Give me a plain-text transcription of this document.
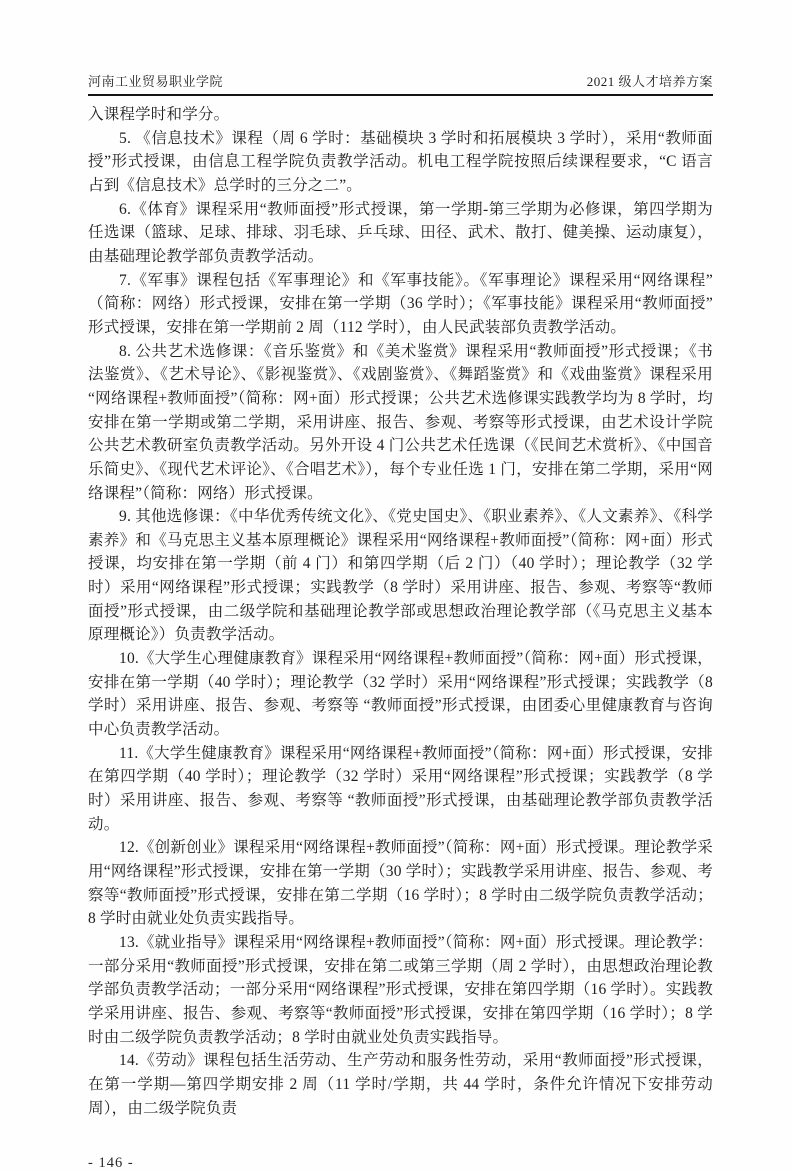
河南工业贸易职业学院	2021 级人才培养方案

入课程学时和学分。

5. 《信息技术》课程（周 6 学时：基础模块 3 学时和拓展模块 3 学时），采用“教师面授”形式授课，由信息工程学院负责教学活动。机电工程学院按照后续课程要求，“C 语言占到《信息技术》总学时的三分之二”。

6.《体育》课程采用“教师面授”形式授课，第一学期-第三学期为必修课，第四学期为任选课（篮球、足球、排球、羽毛球、乒乓球、田径、武术、散打、健美操、运动康复），由基础理论教学部负责教学活动。

7.《军事》课程包括《军事理论》和《军事技能》。《军事理论》课程采用“网络课程”（简称：网络）形式授课，安排在第一学期（36 学时）；《军事技能》课程采用“教师面授”形式授课，安排在第一学期前 2 周（112 学时），由人民武装部负责教学活动。

8. 公共艺术选修课：《音乐鉴赏》和《美术鉴赏》课程采用“教师面授”形式授课；《书法鉴赏》、《艺术导论》、《影视鉴赏》、《戏剧鉴赏》、《舞蹈鉴赏》和《戏曲鉴赏》课程采用“网络课程+教师面授”（简称：网+面）形式授课；公共艺术选修课实践教学均为 8 学时，均安排在第一学期或第二学期，采用讲座、报告、参观、考察等形式授课，由艺术设计学院公共艺术教研室负责教学活动。另外开设 4 门公共艺术任选课（《民间艺术赏析》、《中国音乐简史》、《现代艺术评论》、《合唱艺术》），每个专业任选 1 门，安排在第二学期，采用“网络课程”（简称：网络）形式授课。

9. 其他选修课：《中华优秀传统文化》、《党史国史》、《职业素养》、《人文素养》、《科学素养》和《马克思主义基本原理概论》课程采用“网络课程+教师面授”（简称：网+面）形式授课，均安排在第一学期（前 4 门）和第四学期（后 2 门）（40 学时）；理论教学（32 学时）采用“网络课程”形式授课；实践教学（8 学时）采用讲座、报告、参观、考察等“教师面授”形式授课，由二级学院和基础理论教学部或思想政治理论教学部（《马克思主义基本原理概论》）负责教学活动。

10.《大学生心理健康教育》课程采用“网络课程+教师面授”（简称：网+面）形式授课，安排在第一学期（40 学时）；理论教学（32 学时）采用“网络课程”形式授课；实践教学（8 学时）采用讲座、报告、参观、考察等 “教师面授”形式授课，由团委心里健康教育与咨询中心负责教学活动。

11.《大学生健康教育》课程采用“网络课程+教师面授”（简称：网+面）形式授课，安排在第四学期（40 学时）；理论教学（32 学时）采用“网络课程”形式授课；实践教学（8 学时）采用讲座、报告、参观、考察等 “教师面授”形式授课，由基础理论教学部负责教学活动。

12.《创新创业》课程采用“网络课程+教师面授”（简称：网+面）形式授课。理论教学采用“网络课程”形式授课，安排在第一学期（30 学时）；实践教学采用讲座、报告、参观、考察等“教师面授”形式授课，安排在第二学期（16 学时）；8 学时由二级学院负责教学活动；8 学时由就业处负责实践指导。

13.《就业指导》课程采用“网络课程+教师面授”（简称：网+面）形式授课。理论教学：一部分采用“教师面授”形式授课，安排在第二或第三学期（周 2 学时），由思想政治理论教学部负责教学活动；一部分采用“网络课程”形式授课，安排在第四学期（16 学时）。实践教学采用讲座、报告、参观、考察等“教师面授”形式授课，安排在第四学期（16 学时）；8 学时由二级学院负责教学活动；8 学时由就业处负责实践指导。

14.《劳动》课程包括生活劳动、生产劳动和服务性劳动，采用“教师面授”形式授课，在第一学期—第四学期安排 2 周（11 学时/学期，共 44 学时，条件允许情况下安排劳动周），由二级学院负责

- 146 -
